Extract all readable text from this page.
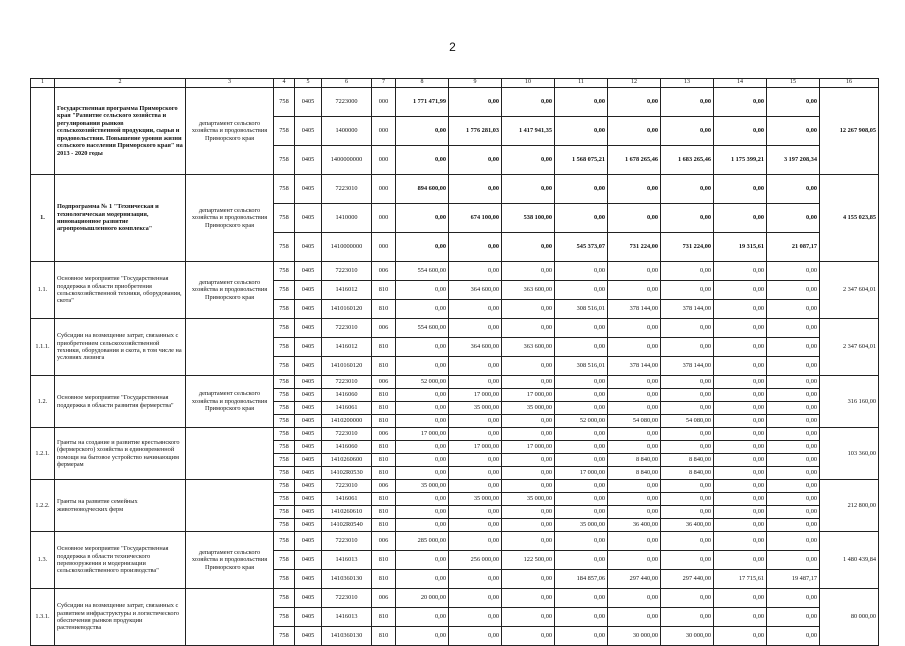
2
1	2	3	4	5	6	7	8	9	10	11	12	13	14	15	16
	Государственная программа Приморского края "Развитие сельского хозяйства и регулирования рынков сельскохозяйственной продукции, сырья и продовольствия. Повышение уровня жизни сельского населения Приморского края" на 2013 - 2020 годы	департамент сельского хозяйства и продовольствия Приморского края	758	0405	7223000	000	1 771 471,99	0,00	0,00	0,00	0,00	0,00	0,00	0,00	12 267 908,05
			758	0405	1400000	000	0,00	1 776 281,03	1 417 941,35	0,00	0,00	0,00	0,00	0,00	
			758	0405	1400000000	000	0,00	0,00	0,00	1 568 075,21	1 678 265,46	1 683 265,46	1 175 399,21	3 197 208,34	
1.	Подпрограмма № 1 "Техническая и технологическая модернизация, инновационное развитие агропромышленного комплекса"	департамент сельского хозяйства и продовольствия Приморского края	758	0405	7223010	000	894 600,00	0,00	0,00	0,00	0,00	0,00	0,00	0,00	4 155 023,85
			758	0405	1410000	000	0,00	674 100,00	538 100,00	0,00	0,00	0,00	0,00	0,00	
			758	0405	1410000000	000	0,00	0,00	0,00	545 373,07	731 224,00	731 224,00	19 315,61	21 087,17	
1.1.	Основное мероприятие "Государственная поддержка в области приобретения сельскохозяйственной техники, оборудования, скота"	департамент сельского хозяйства и продовольствия Приморского края	758	0405	7223010	006	554 600,00	0,00	0,00	0,00	0,00	0,00	0,00	0,00	2 347 604,01
			758	0405	1416012	810	0,00	364 600,00	363 600,00	0,00	0,00	0,00	0,00	0,00	
			758	0405	1410160120	810	0,00	0,00	0,00	308 516,01	378 144,00	378 144,00	0,00	0,00	
1.1.1.	Субсидии на возмещение затрат, связанных с приобретением сельскохозяйственной техники, оборудования и скота, в том числе на условиях лизинга		758	0405	7223010	006	554 600,00	0,00	0,00	0,00	0,00	0,00	0,00	0,00	2 347 604,01
			758	0405	1416012	810	0,00	364 600,00	363 600,00	0,00	0,00	0,00	0,00	0,00	
			758	0405	1410160120	810	0,00	0,00	0,00	308 516,01	378 144,00	378 144,00	0,00	0,00	
1.2.	Основное мероприятие "Государственная поддержка в области развития фермерства"	департамент сельского хозяйства и продовольствия Приморского края	758	0405	7223010	006	52 000,00	0,00	0,00	0,00	0,00	0,00	0,00	0,00	316 160,00
			758	0405	1416060	810	0,00	17 000,00	17 000,00	0,00	0,00	0,00	0,00	0,00	
			758	0405	1416061	810	0,00	35 000,00	35 000,00	0,00	0,00	0,00	0,00	0,00	
			758	0405	1410200000	810	0,00	0,00	0,00	52 000,00	54 080,00	54 080,00	0,00	0,00	
1.2.1.	Гранты на создание и развитие крестьянского (фермерского) хозяйства и единовременной помощи на бытовое устройство начинающим фермерам		758	0405	7223010	006	17 000,00	0,00	0,00	0,00	0,00	0,00	0,00	0,00	103 360,00
			758	0405	1416060	810	0,00	17 000,00	17 000,00	0,00	0,00	0,00	0,00	0,00	
			758	0405	1410260600	810	0,00	0,00	0,00	0,00	8 840,00	8 840,00	0,00	0,00	
			758	0405	14102R0530	810	0,00	0,00	0,00	17 000,00	8 840,00	8 840,00	0,00	0,00	
1.2.2.	Гранты на развитие семейных животноводческих ферм		758	0405	7223010	006	35 000,00	0,00	0,00	0,00	0,00	0,00	0,00	0,00	212 800,00
			758	0405	1416061	810	0,00	35 000,00	35 000,00	0,00	0,00	0,00	0,00	0,00	
			758	0405	1410260610	810	0,00	0,00	0,00	0,00	0,00	0,00	0,00	0,00	
			758	0405	14102R0540	810	0,00	0,00	0,00	35 000,00	36 400,00	36 400,00	0,00	0,00	
1.3.	Основное мероприятие "Государственная поддержка в области технического перевооружения и модернизации сельскохозяйственного производства"	департамент сельского хозяйства и продовольствия Приморского края	758	0405	7223010	006	285 000,00	0,00	0,00	0,00	0,00	0,00	0,00	0,00	1 480 439,84
			758	0405	1416013	810	0,00	256 000,00	122 500,00	0,00	0,00	0,00	0,00	0,00	
			758	0405	1410360130	810	0,00	0,00	0,00	184 857,06	297 440,00	297 440,00	17 715,61	19 487,17	
1.3.1.	Субсидии на возмещение затрат, связанных с развитием инфраструктуры и логистического обеспечения рынков продукции растениеводства		758	0405	7223010	006	20 000,00	0,00	0,00	0,00	0,00	0,00	0,00	0,00	80 000,00
			758	0405	1416013	810	0,00	0,00	0,00	0,00	0,00	0,00	0,00	0,00	
			758	0405	1410360130	810	0,00	0,00	0,00	0,00	30 000,00	30 000,00	0,00	0,00	
